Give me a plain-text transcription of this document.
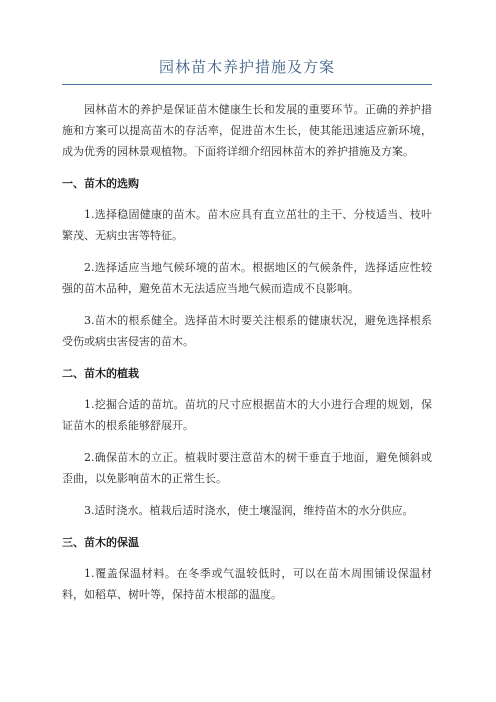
园林苗木养护措施及方案

园林苗木的养护是保证苗木健康生长和发展的重要环节。正确的养护措施和方案可以提高苗木的存活率，促进苗木生长，使其能迅速适应新环境，成为优秀的园林景观植物。下面将详细介绍园林苗木的养护措施及方案。

一、苗木的选购

1.选择稳固健康的苗木。苗木应具有直立茁壮的主干、分枝适当、枝叶繁茂、无病虫害等特征。

2.选择适应当地气候环境的苗木。根据地区的气候条件，选择适应性较强的苗木品种，避免苗木无法适应当地气候而造成不良影响。

3.苗木的根系健全。选择苗木时要关注根系的健康状况，避免选择根系受伤或病虫害侵害的苗木。

二、苗木的植栽

1.挖掘合适的苗坑。苗坑的尺寸应根据苗木的大小进行合理的规划，保证苗木的根系能够舒展开。

2.确保苗木的立正。植栽时要注意苗木的树干垂直于地面，避免倾斜或歪曲，以免影响苗木的正常生长。

3.适时浇水。植栽后适时浇水，使土壤湿润，维持苗木的水分供应。

三、苗木的保温

1.覆盖保温材料。在冬季或气温较低时，可以在苗木周围铺设保温材料，如稻草、树叶等，保持苗木根部的温度。
